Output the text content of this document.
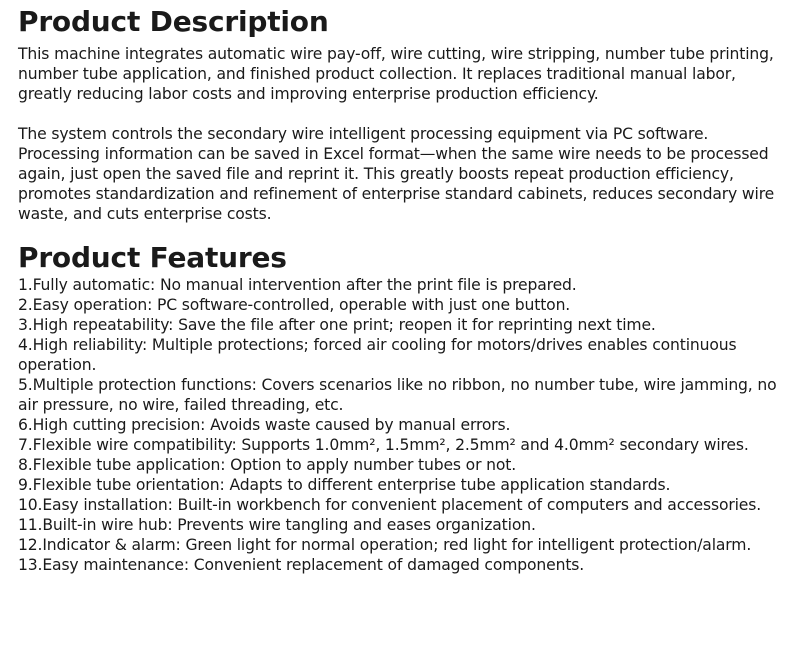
Product Description

This machine integrates automatic wire pay-off, wire cutting, wire stripping, number tube printing, number tube application, and finished product collection. It replaces traditional manual labor, greatly reducing labor costs and improving enterprise production efficiency.

The system controls the secondary wire intelligent processing equipment via PC software. Processing information can be saved in Excel format—when the same wire needs to be processed again, just open the saved file and reprint it. This greatly boosts repeat production efficiency, promotes standardization and refinement of enterprise standard cabinets, reduces secondary wire waste, and cuts enterprise costs.

Product Features
1.Fully automatic: No manual intervention after the print file is prepared.
2.Easy operation: PC software-controlled, operable with just one button.
3.High repeatability: Save the file after one print; reopen it for reprinting next time.
4.High reliability: Multiple protections; forced air cooling for motors/drives enables continuous operation.
5.Multiple protection functions: Covers scenarios like no ribbon, no number tube, wire jamming, no air pressure, no wire, failed threading, etc.
6.High cutting precision: Avoids waste caused by manual errors.
7.Flexible wire compatibility: Supports 1.0mm², 1.5mm², 2.5mm² and 4.0mm² secondary wires.
8.Flexible tube application: Option to apply number tubes or not.
9.Flexible tube orientation: Adapts to different enterprise tube application standards.
10.Easy installation: Built-in workbench for convenient placement of computers and accessories.
11.Built-in wire hub: Prevents wire tangling and eases organization.
12.Indicator & alarm: Green light for normal operation; red light for intelligent protection/alarm.
13.Easy maintenance: Convenient replacement of damaged components.
